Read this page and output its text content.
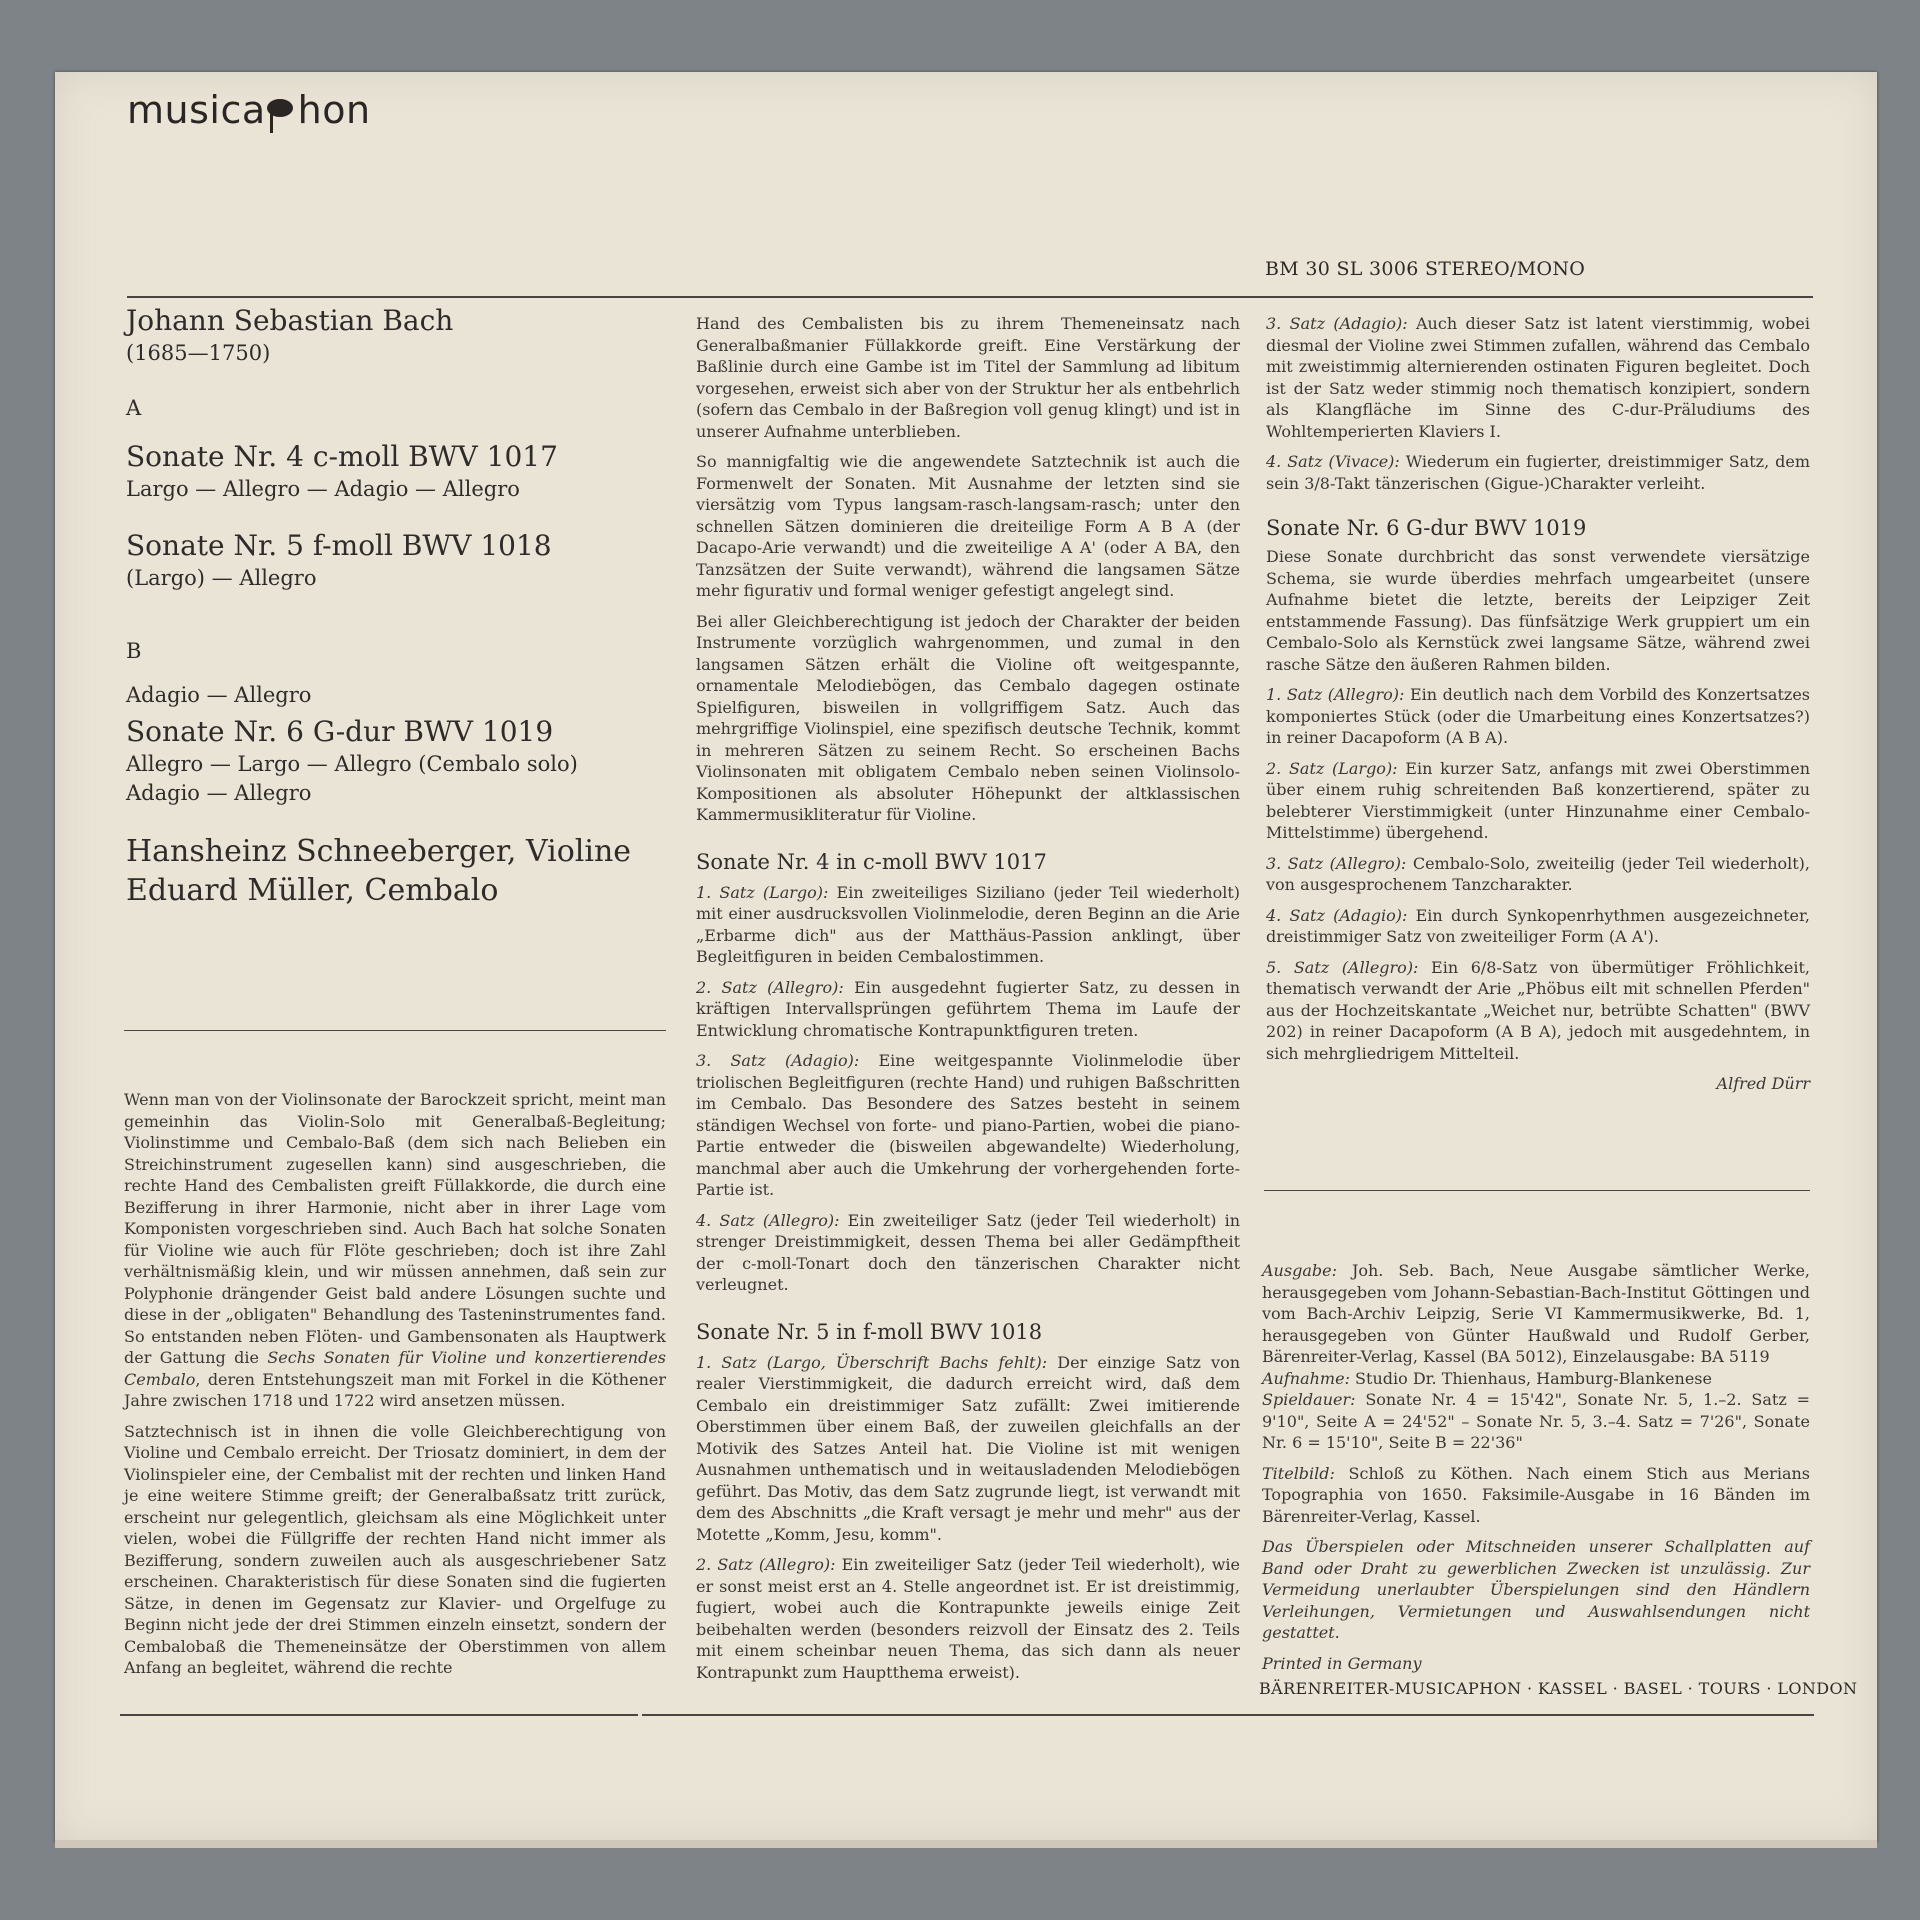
musica hon
BM 30 SL 3006 STEREO/MONO
Johann Sebastian Bach
(1685—1750)
A
Sonate Nr. 4 c-moll BWV 1017
Largo — Allegro — Adagio — Allegro
Sonate Nr. 5 f-moll BWV 1018
(Largo) — Allegro
B
Adagio — Allegro
Sonate Nr. 6 G-dur BWV 1019
Allegro — Largo — Allegro (Cembalo solo)
Adagio — Allegro
Hansheinz Schneeberger, Violine
Eduard Müller, Cembalo

Wenn man von der Violinsonate der Barockzeit spricht, meint man gemeinhin das Violin-Solo mit Generalbaß-Begleitung; Violinstimme und Cembalo-Baß (dem sich nach Belieben ein Streichinstrument zugesellen kann) sind ausgeschrieben, die rechte Hand des Cembalisten greift Füllakkorde, die durch eine Bezifferung in ihrer Harmonie, nicht aber in ihrer Lage vom Komponisten vorgeschrieben sind. Auch Bach hat solche Sonaten für Violine wie auch für Flöte geschrieben; doch ist ihre Zahl verhältnismäßig klein, und wir müssen annehmen, daß sein zur Polyphonie drängender Geist bald andere Lösungen suchte und diese in der „obligaten" Behandlung des Tasteninstrumentes fand. So entstanden neben Flöten- und Gambensonaten als Hauptwerk der Gattung die Sechs Sonaten für Violine und konzertierendes Cembalo, deren Entstehungszeit man mit Forkel in die Köthener Jahre zwischen 1718 und 1722 wird ansetzen müssen.

Satztechnisch ist in ihnen die volle Gleichberechtigung von Violine und Cembalo erreicht. Der Triosatz dominiert, in dem der Violinspieler eine, der Cembalist mit der rechten und linken Hand je eine weitere Stimme greift; der Generalbaßsatz tritt zurück, erscheint nur gelegentlich, gleichsam als eine Möglichkeit unter vielen, wobei die Füllgriffe der rechten Hand nicht immer als Bezifferung, sondern zuweilen auch als ausgeschriebener Satz erscheinen. Charakteristisch für diese Sonaten sind die fugierten Sätze, in denen im Gegensatz zur Klavier- und Orgelfuge zu Beginn nicht jede der drei Stimmen einzeln einsetzt, sondern der Cembalobaß die Themeneinsätze der Oberstimmen von allem Anfang an begleitet, während die rechte

Hand des Cembalisten bis zu ihrem Themeneinsatz nach Generalbaßmanier Füllakkorde greift. Eine Verstärkung der Baßlinie durch eine Gambe ist im Titel der Sammlung ad libitum vorgesehen, erweist sich aber von der Struktur her als entbehrlich (sofern das Cembalo in der Baßregion voll genug klingt) und ist in unserer Aufnahme unterblieben.

So mannigfaltig wie die angewendete Satztechnik ist auch die Formenwelt der Sonaten. Mit Ausnahme der letzten sind sie viersätzig vom Typus langsam-rasch-langsam-rasch; unter den schnellen Sätzen dominieren die dreiteilige Form A B A (der Dacapo-Arie verwandt) und die zweiteilige A A' (oder A BA, den Tanzsätzen der Suite verwandt), während die langsamen Sätze mehr figurativ und formal weniger gefestigt angelegt sind.

Bei aller Gleichberechtigung ist jedoch der Charakter der beiden Instrumente vorzüglich wahrgenommen, und zumal in den langsamen Sätzen erhält die Violine oft weitgespannte, ornamentale Melodiebögen, das Cembalo dagegen ostinate Spielfiguren, bisweilen in vollgriffigem Satz. Auch das mehrgriffige Violinspiel, eine spezifisch deutsche Technik, kommt in mehreren Sätzen zu seinem Recht. So erscheinen Bachs Violinsonaten mit obligatem Cembalo neben seinen Violinsolo-Kompositionen als absoluter Höhepunkt der altklassischen Kammermusikliteratur für Violine.

Sonate Nr. 4 in c-moll BWV 1017

1. Satz (Largo): Ein zweiteiliges Siziliano (jeder Teil wiederholt) mit einer ausdrucksvollen Violinmelodie, deren Beginn an die Arie „Erbarme dich" aus der Matthäus-Passion anklingt, über Begleitfiguren in beiden Cembalostimmen.

2. Satz (Allegro): Ein ausgedehnt fugierter Satz, zu dessen in kräftigen Intervallsprüngen geführtem Thema im Laufe der Entwicklung chromatische Kontrapunktfiguren treten.

3. Satz (Adagio): Eine weitgespannte Violinmelodie über triolischen Begleitfiguren (rechte Hand) und ruhigen Baßschritten im Cembalo. Das Besondere des Satzes besteht in seinem ständigen Wechsel von forte- und piano-Partien, wobei die piano-Partie entweder die (bisweilen abgewandelte) Wiederholung, manchmal aber auch die Umkehrung der vorhergehenden forte-Partie ist.

4. Satz (Allegro): Ein zweiteiliger Satz (jeder Teil wiederholt) in strenger Dreistimmigkeit, dessen Thema bei aller Gedämpftheit der c-moll-Tonart doch den tänzerischen Charakter nicht verleugnet.

Sonate Nr. 5 in f-moll BWV 1018

1. Satz (Largo, Überschrift Bachs fehlt): Der einzige Satz von realer Vierstimmigkeit, die dadurch erreicht wird, daß dem Cembalo ein dreistimmiger Satz zufällt: Zwei imitierende Oberstimmen über einem Baß, der zuweilen gleichfalls an der Motivik des Satzes Anteil hat. Die Violine ist mit wenigen Ausnahmen unthematisch und in weitausladenden Melodiebögen geführt. Das Motiv, das dem Satz zugrunde liegt, ist verwandt mit dem des Abschnitts „die Kraft versagt je mehr und mehr" aus der Motette „Komm, Jesu, komm".

2. Satz (Allegro): Ein zweiteiliger Satz (jeder Teil wiederholt), wie er sonst meist erst an 4. Stelle angeordnet ist. Er ist dreistimmig, fugiert, wobei auch die Kontrapunkte jeweils einige Zeit beibehalten werden (besonders reizvoll der Einsatz des 2. Teils mit einem scheinbar neuen Thema, das sich dann als neuer Kontrapunkt zum Hauptthema erweist).

3. Satz (Adagio): Auch dieser Satz ist latent vierstimmig, wobei diesmal der Violine zwei Stimmen zufallen, während das Cembalo mit zweistimmig alternierenden ostinaten Figuren begleitet. Doch ist der Satz weder stimmig noch thematisch konzipiert, sondern als Klangfläche im Sinne des C-dur-Präludiums des Wohltemperierten Klaviers I.

4. Satz (Vivace): Wiederum ein fugierter, dreistimmiger Satz, dem sein 3/8-Takt tänzerischen (Gigue-)Charakter verleiht.

Sonate Nr. 6 G-dur BWV 1019

Diese Sonate durchbricht das sonst verwendete viersätzige Schema, sie wurde überdies mehrfach umgearbeitet (unsere Aufnahme bietet die letzte, bereits der Leipziger Zeit entstammende Fassung). Das fünfsätzige Werk gruppiert um ein Cembalo-Solo als Kernstück zwei langsame Sätze, während zwei rasche Sätze den äußeren Rahmen bilden.

1. Satz (Allegro): Ein deutlich nach dem Vorbild des Konzertsatzes komponiertes Stück (oder die Umarbeitung eines Konzertsatzes?) in reiner Dacapoform (A B A).

2. Satz (Largo): Ein kurzer Satz, anfangs mit zwei Oberstimmen über einem ruhig schreitenden Baß konzertierend, später zu belebterer Vierstimmigkeit (unter Hinzunahme einer Cembalo-Mittelstimme) übergehend.

3. Satz (Allegro): Cembalo-Solo, zweiteilig (jeder Teil wiederholt), von ausgesprochenem Tanzcharakter.

4. Satz (Adagio): Ein durch Synkopenrhythmen ausgezeichneter, dreistimmiger Satz von zweiteiliger Form (A A').

5. Satz (Allegro): Ein 6/8-Satz von übermütiger Fröhlichkeit, thematisch verwandt der Arie „Phöbus eilt mit schnellen Pferden" aus der Hochzeitskantate „Weichet nur, betrübte Schatten" (BWV 202) in reiner Dacapoform (A B A), jedoch mit ausgedehntem, in sich mehrgliedrigem Mittelteil.

Alfred Dürr

Ausgabe: Joh. Seb. Bach, Neue Ausgabe sämtlicher Werke, herausgegeben vom Johann-Sebastian-Bach-Institut Göttingen und vom Bach-Archiv Leipzig, Serie VI Kammermusikwerke, Bd. 1, herausgegeben von Günter Haußwald und Rudolf Gerber, Bärenreiter-Verlag, Kassel (BA 5012), Einzelausgabe: BA 5119

Aufnahme: Studio Dr. Thienhaus, Hamburg-Blankenese

Spieldauer: Sonate Nr. 4 = 15'42", Sonate Nr. 5, 1.–2. Satz = 9'10", Seite A = 24'52" – Sonate Nr. 5, 3.–4. Satz = 7'26", Sonate Nr. 6 = 15'10", Seite B = 22'36"

Titelbild: Schloß zu Köthen. Nach einem Stich aus Merians Topographia von 1650. Faksimile-Ausgabe in 16 Bänden im Bärenreiter-Verlag, Kassel.

Das Überspielen oder Mitschneiden unserer Schallplatten auf Band oder Draht zu gewerblichen Zwecken ist unzulässig. Zur Vermeidung unerlaubter Überspielungen sind den Händlern Verleihungen, Vermietungen und Auswahlsendungen nicht gestattet.

Printed in Germany

BÄRENREITER-MUSICAPHON · KASSEL · BASEL · TOURS · LONDON
